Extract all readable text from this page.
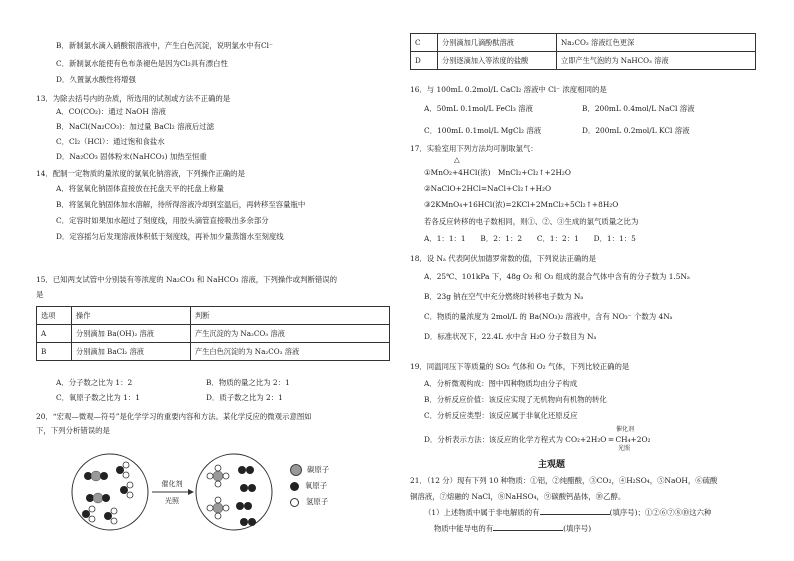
B．新制氯水滴入硝酸银溶液中，产生白色沉淀，说明氯水中有Cl⁻
C．新制氯水能使有色布条褪色是因为Cl₂具有漂白性
D．久置氯水酸性将增强
13．为除去括号内的杂质，所选用的试剂或方法不正确的是
A．CO(CO₂)：通过 NaOH 溶液
B．NaCl(Na₂CO₃)：加过量 BaCl₂ 溶液后过滤
C．Cl₂（HCl）：通过饱和食盐水
D．Na₂CO₃ 固体粉末(NaHCO₃) 加热至恒重
14．配制一定物质的量浓度的氯氧化钠溶液，下列操作正确的是
A．将氢氧化钠固体直接放在托盘天平的托盘上称量
B．将氢氧化钠固体加水溶解，待所得溶液冷却到室温后，再转移至容量瓶中
C．定容时如果加水超过了刻度线，用胶头滴管直接吸出多余部分
D．定容摇匀后发现溶液体积低于刻度线，再补加少量蒸馏水至刻度线
15．已知两支试管中分别装有等浓度的 Na₂CO₃ 和 NaHCO₃ 溶液，下列操作或判断错误的
是
选项	操作	判断
A	分别滴加 Ba(OH)₂ 溶液	产生沉淀的为 Na₂CO₃ 溶液
B	分别滴加 BaCl₂ 溶液	产生白色沉淀的为 Na₂CO₃ 溶液
A．分子数之比为 1：2	B．物质的量之比为 2：1
C．氧原子数之比为 1：1	D．质子数之比为 2：1
20．“宏观—微观—符号”是化学学习的重要内容和方法。某化学反应的微观示意图如
下，下列分析错误的是
催化剂
光照
碳原子
氧原子
氢原子
C	分别滴加几滴酚酞溶液	Na₂CO₃ 溶液红色更深
D	分别逐滴加入等浓度的盐酸	立即产生气泡的为 NaHCO₃ 溶液
16．与 100mL 0.2mol/L CaCl₂ 溶液中 Cl⁻ 浓度相同的是
A．50mL 0.1mol/L FeCl₃ 溶液	B．200mL 0.4mol/L NaCl 溶液
C．100mL 0.1mol/L MgCl₂ 溶液	D．200mL 0.2mol/L KCl 溶液
17．实验室用下列方法均可制取氯气：
△
①MnO₂+4HCl(浓)　MnCl₂+Cl₂↑+2H₂O
②NaClO+2HCl=NaCl+Cl₂↑+H₂O
③2KMnO₄+16HCl(浓)=2KCl+2MnCl₂+5Cl₂↑+8H₂O
若各反应转移的电子数相同，则①、②、③生成的氯气质量之比为
A．1：1：1　　B．2：1：2　　C．1：2：1　　D．1：1：5
18．设 Nₐ 代表阿伏加德罗常数的值，下列说法正确的是
A．25℃、101kPa 下，48g O₂ 和 O₃ 组成的混合气体中含有的分子数为 1.5Nₐ
B．23g 钠在空气中充分燃烧时转移电子数为 Nₐ
C．物质的量浓度为 2mol/L 的 Ba(NO₃)₂ 溶液中，含有 NO₃⁻ 个数为 4Nₐ
D．标准状况下，22.4L 水中含 H₂O 分子数目为 Nₐ
19．同温同压下等质量的 SO₂ 气体和 O₂ 气体，下列比较正确的是
A．分析微观构成：图中四种物质均由分子构成
B．分析反应价值：该反应实现了无机物向有机物的转化
C．分析反应类型：该反应属于非氧化还原反应
催化剂
D．分析表示方法：该反应的化学方程式为 CO₂+2H₂O ═ CH₄+2O₂
光照
主观题
21．（12 分）现有下列 10 种物质：①铝，②纯醋酸，③CO₂，④H₂SO₄，⑤NaOH，⑥硫酸
铜溶液，⑦熔融的 NaCl，⑧NaHSO₄，⑨碳酸钙晶体，⑩乙醇。
（1）上述物质中属于非电解质的有	(填序号)；①②⑥⑦⑧⑩这六种
物质中能导电的有	(填序号)
